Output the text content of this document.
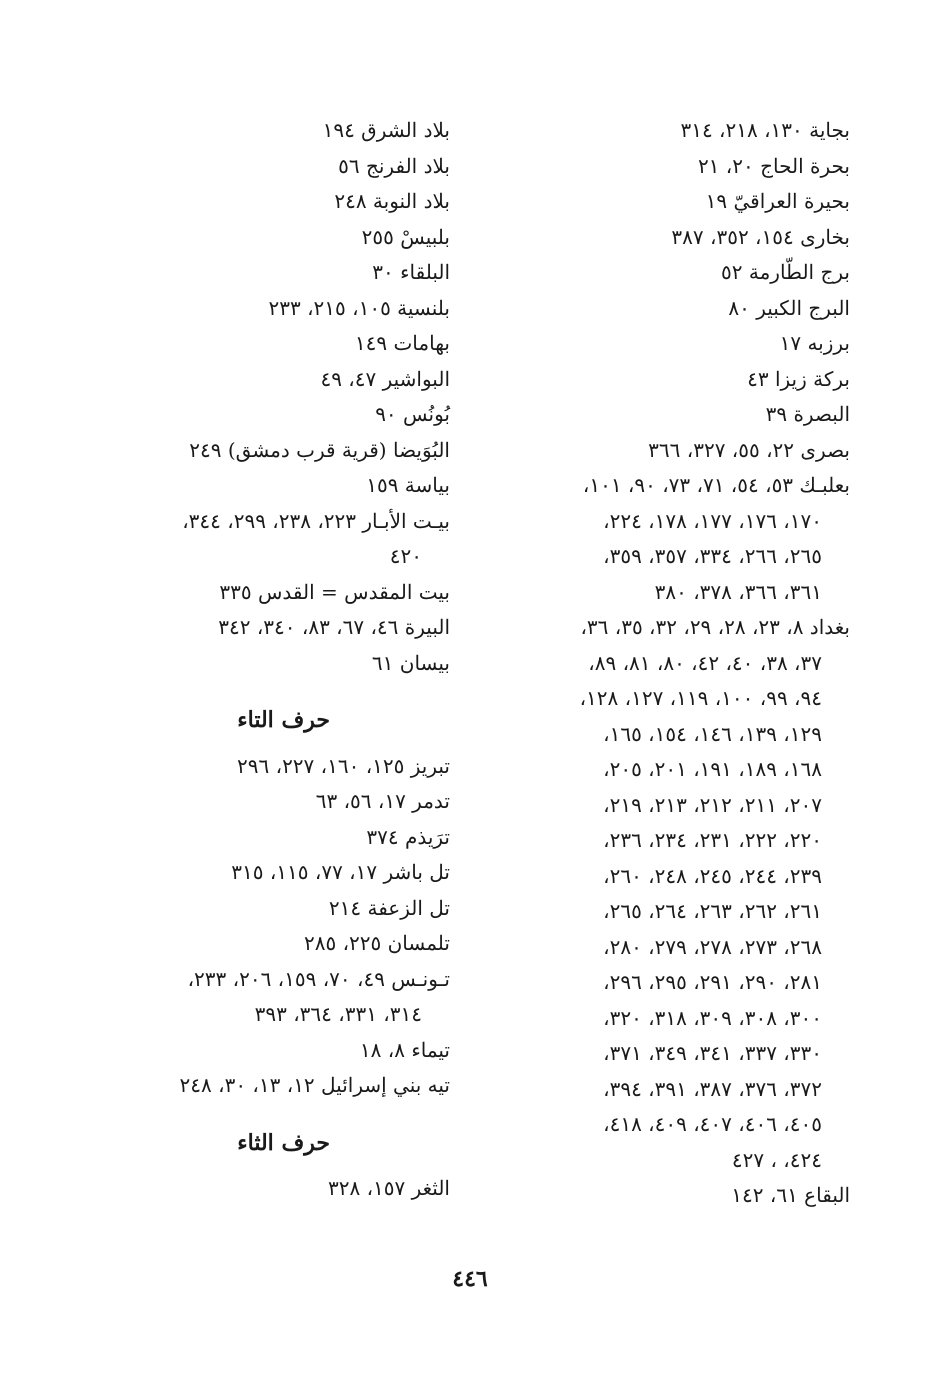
بجاية ١٣٠، ٢١٨، ٣١٤
بحرة الحاج ٢٠، ٢١
بحيرة العراقيّ ١٩
بخارى ١٥٤، ٣٥٢، ٣٨٧
برج الطّارمة ٥٢
البرج الكبير ٨٠
برزبه ١٧
بركة زيزا ٤٣
البصرة ٣٩
بصرى ٢٢، ٥٥، ٣٢٧، ٣٦٦
بعلبـك ٥٣، ٥٤، ٧١، ٧٣، ٩٠، ١٠١،
١٧٠، ١٧٦، ١٧٧، ١٧٨، ٢٢٤،
٢٦٥، ٢٦٦، ٣٣٤، ٣٥٧، ٣٥٩،
٣٦١، ٣٦٦، ٣٧٨، ٣٨٠
بغداد ٨، ٢٣، ٢٨، ٢٩، ٣٢، ٣٥، ٣٦،
٣٧، ٣٨، ٤٠، ٤٢، ٨٠، ٨١، ٨٩،
٩٤، ٩٩، ١٠٠، ١١٩، ١٢٧، ١٢٨،
١٢٩، ١٣٩، ١٤٦، ١٥٤، ١٦٥،
١٦٨، ١٨٩، ١٩١، ٢٠١، ٢٠٥،
٢٠٧، ٢١١، ٢١٢، ٢١٣، ٢١٩،
٢٢٠، ٢٢٢، ٢٣١، ٢٣٤، ٢٣٦،
٢٣٩، ٢٤٤، ٢٤٥، ٢٤٨، ٢٦٠،
٢٦١، ٢٦٢، ٢٦٣، ٢٦٤، ٢٦٥،
٢٦٨، ٢٧٣، ٢٧٨، ٢٧٩، ٢٨٠،
٢٨١، ٢٩٠، ٢٩١، ٢٩٥، ٢٩٦،
٣٠٠، ٣٠٨، ٣٠٩، ٣١٨، ٣٢٠،
٣٣٠، ٣٣٧، ٣٤١، ٣٤٩، ٣٧١،
٣٧٢، ٣٧٦، ٣٨٧، ٣٩١، ٣٩٤،
٤٠٥، ٤٠٦، ٤٠٧، ٤٠٩، ٤١٨،
٤٢٤، ، ٤٢٧
البقاع ٦١، ١٤٢
بلاد الشرق ١٩٤
بلاد الفرنج ٥٦
بلاد النوبة ٢٤٨
بلبيسْ ٢٥٥
البلقاء ٣٠
بلنسية ١٠٥، ٢١٥، ٢٣٣
بهامات ١٤٩
البواشير ٤٧، ٤٩
بُونُس ٩٠
البُوَيضا (قرية قرب دمشق) ٢٤٩
بياسة ١٥٩
بيـت الأبـار ٢٢٣، ٢٣٨، ٢٩٩، ٣٤٤،
٤٢٠
بيت المقدس = القدس ٣٣٥
البيرة ٤٦، ٦٧، ٨٣، ٣٤٠، ٣٤٢
بيسان ٦١
حرف التاء
تبريز ١٢٥، ١٦٠، ٢٢٧، ٢٩٦
تدمر ١٧، ٥٦، ٦٣
ترَيذم ٣٧٤
تل باشر ١٧، ٧٧، ١١٥، ٣١٥
تل الزعفة ٢١٤
تلمسان ٢٢٥، ٢٨٥
تـونـس ٤٩، ٧٠، ١٥٩، ٢٠٦، ٢٣٣،
٣١٤، ٣٣١، ٣٦٤، ٣٩٣
تيماء ٨، ١٨
تيه بني إسرائيل ١٢، ١٣، ٣٠، ٢٤٨
حرف الثاء
الثغر ١٥٧، ٣٢٨
٤٤٦
